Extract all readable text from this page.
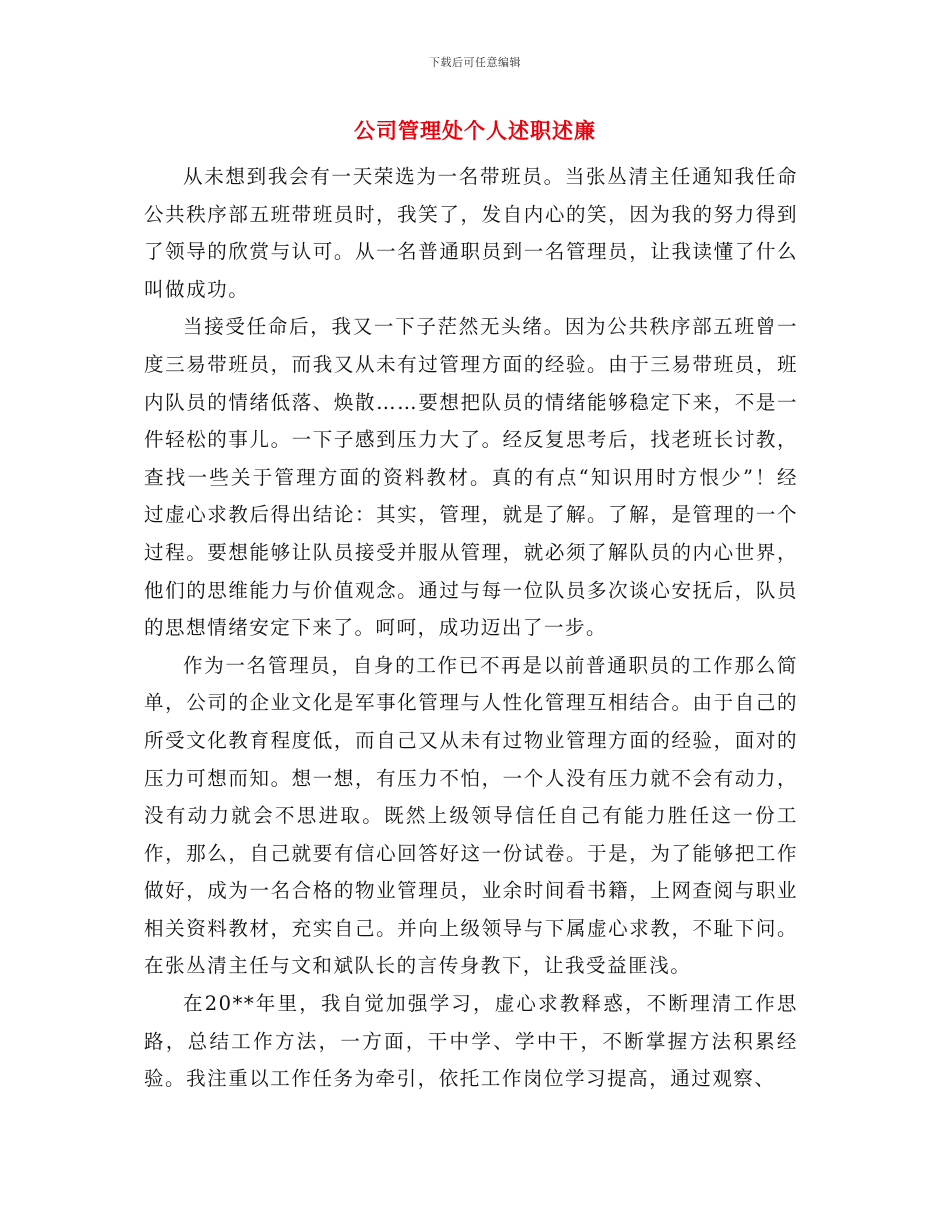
下载后可任意编辑
公司管理处个人述职述廉

从未想到我会有一天荣选为一名带班员。当张丛清主任通知我任命公共秩序部五班带班员时，我笑了，发自内心的笑，因为我的努力得到了领导的欣赏与认可。从一名普通职员到一名管理员，让我读懂了什么叫做成功。

当接受任命后，我又一下子茫然无头绪。因为公共秩序部五班曾一度三易带班员，而我又从未有过管理方面的经验。由于三易带班员，班内队员的情绪低落、焕散……要想把队员的情绪能够稳定下来，不是一件轻松的事儿。一下子感到压力大了。经反复思考后，找老班长讨教，查找一些关于管理方面的资料教材。真的有点“知识用时方恨少”！经过虚心求教后得出结论：其实，管理，就是了解。了解，是管理的一个过程。要想能够让队员接受并服从管理，就必须了解队员的内心世界，他们的思维能力与价值观念。通过与每一位队员多次谈心安抚后，队员的思想情绪安定下来了。呵呵，成功迈出了一步。

作为一名管理员，自身的工作已不再是以前普通职员的工作那么简单，公司的企业文化是军事化管理与人性化管理互相结合。由于自己的所受文化教育程度低，而自己又从未有过物业管理方面的经验，面对的压力可想而知。想一想，有压力不怕，一个人没有压力就不会有动力，没有动力就会不思进取。既然上级领导信任自己有能力胜任这一份工作，那么，自己就要有信心回答好这一份试卷。于是，为了能够把工作做好，成为一名合格的物业管理员，业余时间看书籍，上网查阅与职业相关资料教材，充实自己。并向上级领导与下属虚心求教，不耻下问。在张丛清主任与文和斌队长的言传身教下，让我受益匪浅。

在20**年里，我自觉加强学习，虚心求教释惑，不断理清工作思路，总结工作方法，一方面，干中学、学中干，不断掌握方法积累经验。我注重以工作任务为牵引，依托工作岗位学习提高，通过观察、
